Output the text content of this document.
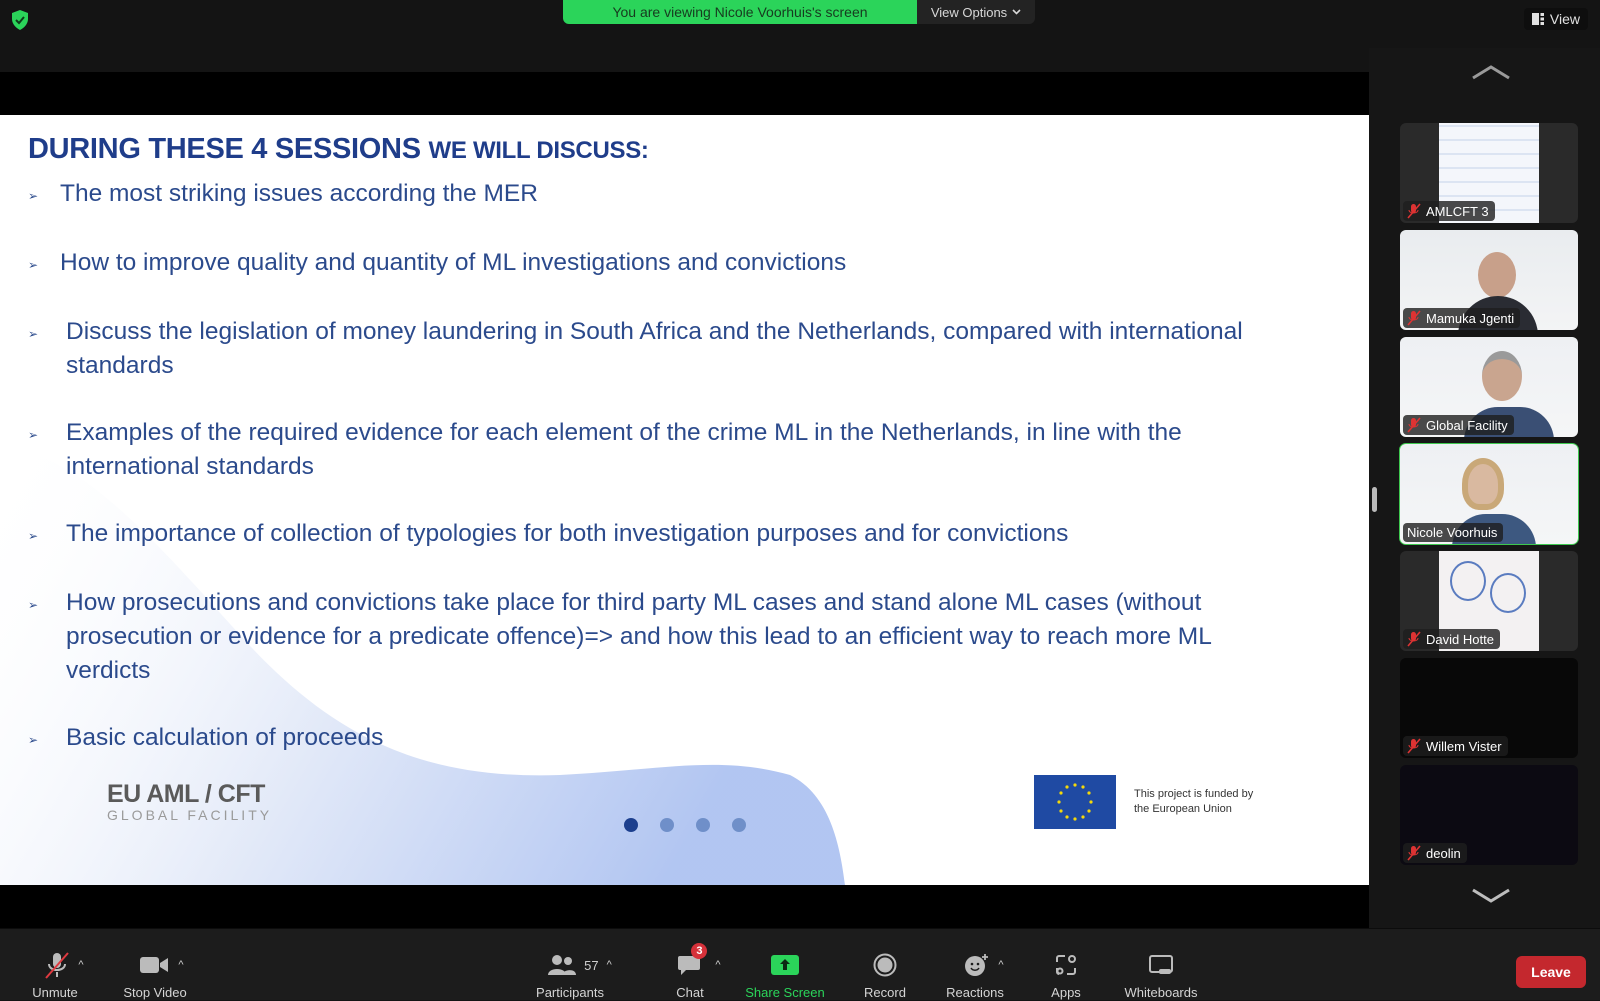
You are viewing Nicole Voorhuis's screen	View Options	View
DURING THESE 4 SESSIONS WE WILL DISCUSS:
➢ The most striking issues according the MER
➢ How to improve quality and quantity of ML investigations and convictions
➢	Discuss the legislation of money laundering in South Africa and the Netherlands, compared with international
standards
➢	Examples of the required evidence for each element of the crime ML in the Netherlands, in line with the
international standards
➢	The importance of collection of typologies for both investigation purposes and for convictions
➢	How prosecutions and convictions take place for third party ML cases and stand alone ML cases (without
prosecution or evidence for a predicate offence)=> and how this lead to an efficient way to reach more ML
verdicts
➢	Basic calculation of proceeds
EU AML / CFT
GLOBAL FACILITY
This project is funded by
the European Union
AMLCFT 3
Mamuka Jgenti
Global Facility
Nicole Voorhuis
David Hotte
Willem Vister
deolin
^
Unmute
^
Stop Video
57 ^
Participants
3
^
Chat	Share Screen	Record
^
Reactions	Apps	Whiteboards
Leave
